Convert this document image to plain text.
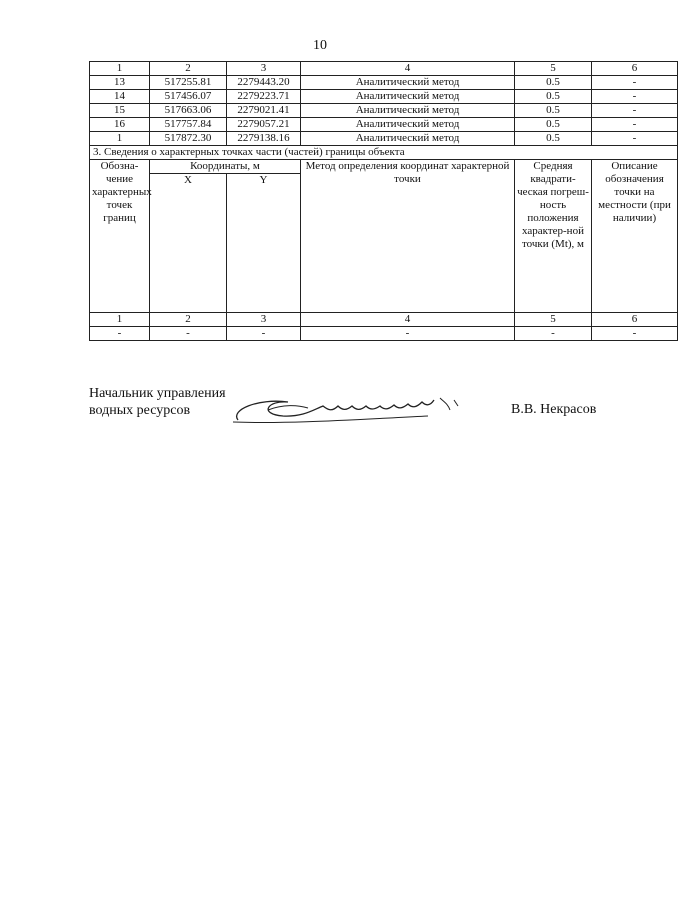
10
1	2	3	4	5	6
13	517255.81	2279443.20	Аналитический метод	0.5	-
14	517456.07	2279223.71	Аналитический метод	0.5	-
15	517663.06	2279021.41	Аналитический метод	0.5	-
16	517757.84	2279057.21	Аналитический метод	0.5	-
1	517872.30	2279138.16	Аналитический метод	0.5	-
3. Сведения о характерных точках части (частей) границы объекта					
Обозна-чение характерных точек границ	Координаты, м		Метод определения координат характерной точки	Средняя квадрати-ческая погреш-ность положения характер-ной точки (Mt), м	Описание обозначения точки на местности (при наличии)
	X	Y			
1	2	3	4	5	6
-	-	-	-	-	-
Начальник управления
водных ресурсов	В.В. Некрасов
